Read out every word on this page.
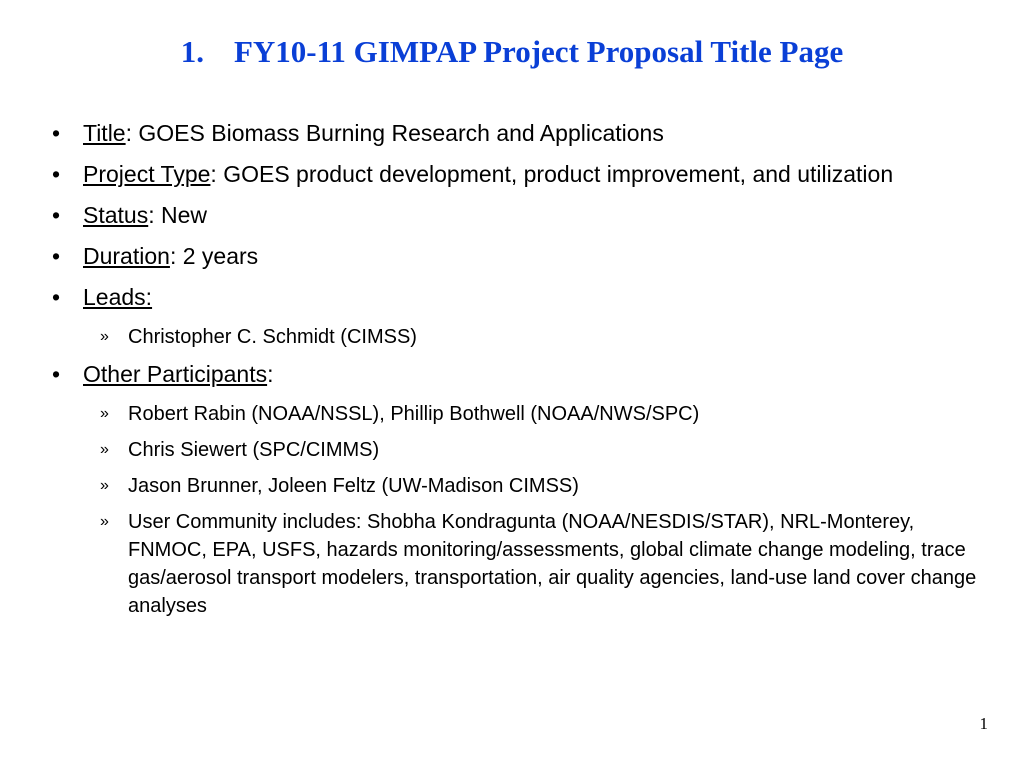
1. FY10-11 GIMPAP Project Proposal Title Page
• Title: GOES Biomass Burning Research and Applications
• Project Type: GOES product development, product improvement, and utilization
• Status: New
• Duration: 2 years
• Leads:
» Christopher C. Schmidt (CIMSS)
• Other Participants:
» Robert Rabin (NOAA/NSSL), Phillip Bothwell (NOAA/NWS/SPC)
» Chris Siewert (SPC/CIMMS)
» Jason Brunner, Joleen Feltz (UW-Madison CIMSS)
» User Community includes: Shobha Kondragunta (NOAA/NESDIS/STAR), NRL-Monterey, FNMOC, EPA, USFS, hazards monitoring/assessments, global climate change modeling, trace gas/aerosol transport modelers, transportation, air quality agencies, land-use land cover change analyses
1
